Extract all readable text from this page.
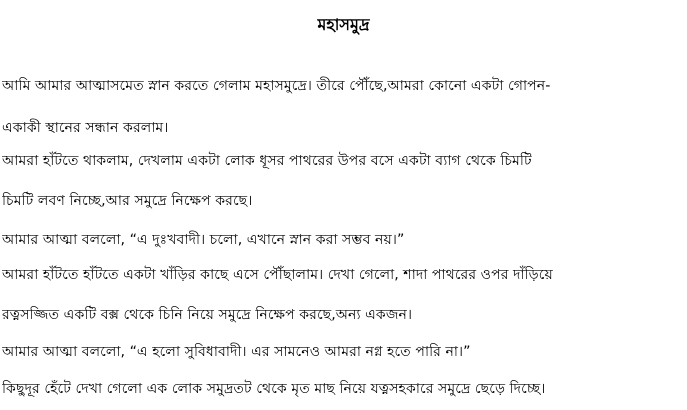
মহাসমুদ্র
আমি আমার আত্মাসমেত স্নান করতে গেলাম মহাসমুদ্রে। তীরে পৌঁছে,আমরা কোনো একটা গোপন-
একাকী স্থানের সন্ধান করলাম।
আমরা হাঁটতে থাকলাম, দেখলাম একটা লোক ধূসর পাথরের উপর বসে একটা ব্যাগ থেকে চিমটি
চিমটি লবণ নিচ্ছে,আর সমুদ্রে নিক্ষেপ করছে।
আমার আত্মা বললো, “এ দুঃখবাদী। চলো, এখানে স্নান করা সম্ভব নয়।”
আমরা হাঁটতে হাঁটতে একটা খাঁড়ির কাছে এসে পৌঁছালাম। দেখা গেলো, শাদা পাথরের ওপর দাঁড়িয়ে
রত্নসজ্জিত একটি বক্স থেকে চিনি নিয়ে সমুদ্রে নিক্ষেপ করছে,অন্য একজন।
আমার আত্মা বললো, “এ হলো সুবিধাবাদী। এর সামনেও আমরা নগ্ন হতে পারি না।”
কিছুদূর হেঁটে দেখা গেলো এক লোক সমুদ্রতট থেকে মৃত মাছ নিয়ে যত্নসহকারে সমুদ্রে ছেড়ে দিচ্ছে।
